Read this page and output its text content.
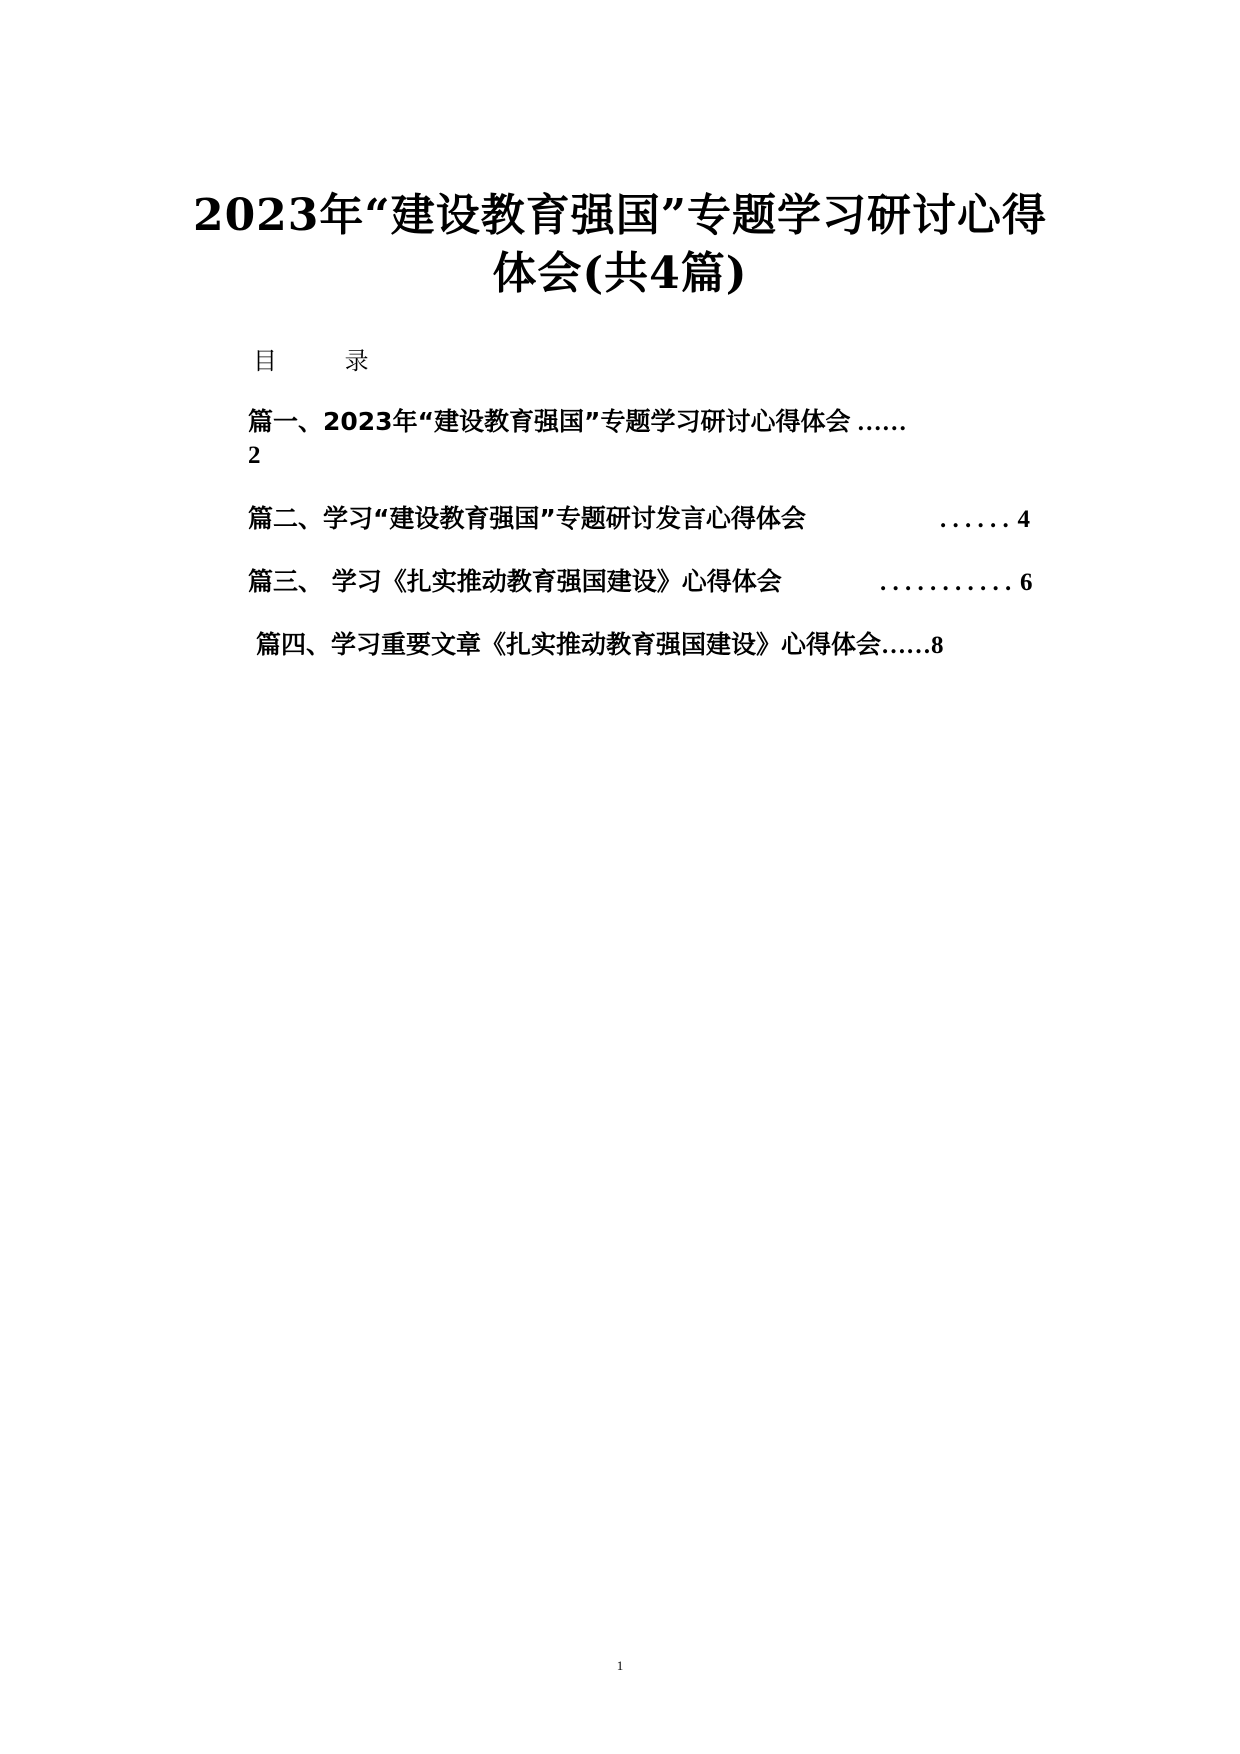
2023年“建设教育强国”专题学习研讨心得
体会(共4篇)
目 录
篇一、2023年“建设教育强国”专题学习研讨心得体会 ……
2
篇二、学习“建设教育强国”专题研讨发言心得体会	. . . . . . 4
篇三、 学习《扎实推动教育强国建设》心得体会	. . . . . . . . . . . 6
篇四、学习重要文章《扎实推动教育强国建设》心得体会……8
1
